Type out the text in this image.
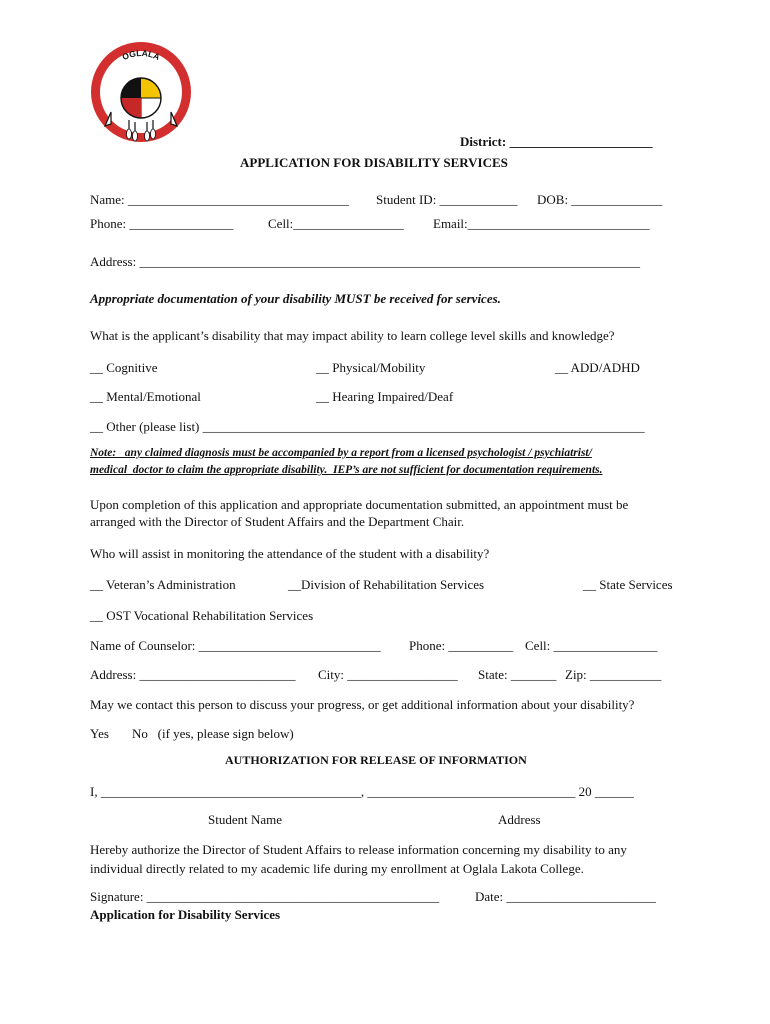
OGLALA
District: ______________________
APPLICATION FOR DISABILITY SERVICES
Name: __________________________________ Student ID: ____________ DOB: ______________
Phone: ________________	Cell:_________________ Email:____________________________
Address: _____________________________________________________________________________
Appropriate documentation of your disability MUST be received for services.
What is the applicant’s disability that may impact ability to learn college level skills and knowledge?
__ Cognitive	__ Physical/Mobility	__ ADD/ADHD
__ Mental/Emotional	__ Hearing Impaired/Deaf
__ Other (please list) ____________________________________________________________________
Note:   any claimed diagnosis must be accompanied by a report from a licensed psychologist / psychiatrist/
medical  doctor to claim the appropriate disability.  IEP’s are not sufficient for documentation requirements.
Upon completion of this application and appropriate documentation submitted, an appointment must be
arranged with the Director of Student Affairs and the Department Chair.
Who will assist in monitoring the attendance of the student with a disability?
__ Veteran’s Administration	__Division of Rehabilitation Services	__ State Services
__ OST Vocational Rehabilitation Services
Name of Counselor: ____________________________ Phone: __________ Cell: ________________
Address: ________________________ City: _________________ State: _______ Zip: ___________
May we contact this person to discuss your progress, or get additional information about your disability?
Yes No   (if yes, please sign below)
AUTHORIZATION FOR RELEASE OF INFORMATION
I, ________________________________________, ________________________________ 20 ______
Student Name	Address
Hereby authorize the Director of Student Affairs to release information concerning my disability to any
individual directly related to my academic life during my enrollment at Oglala Lakota College.
Signature: _____________________________________________	Date: _______________________
Application for Disability Services
